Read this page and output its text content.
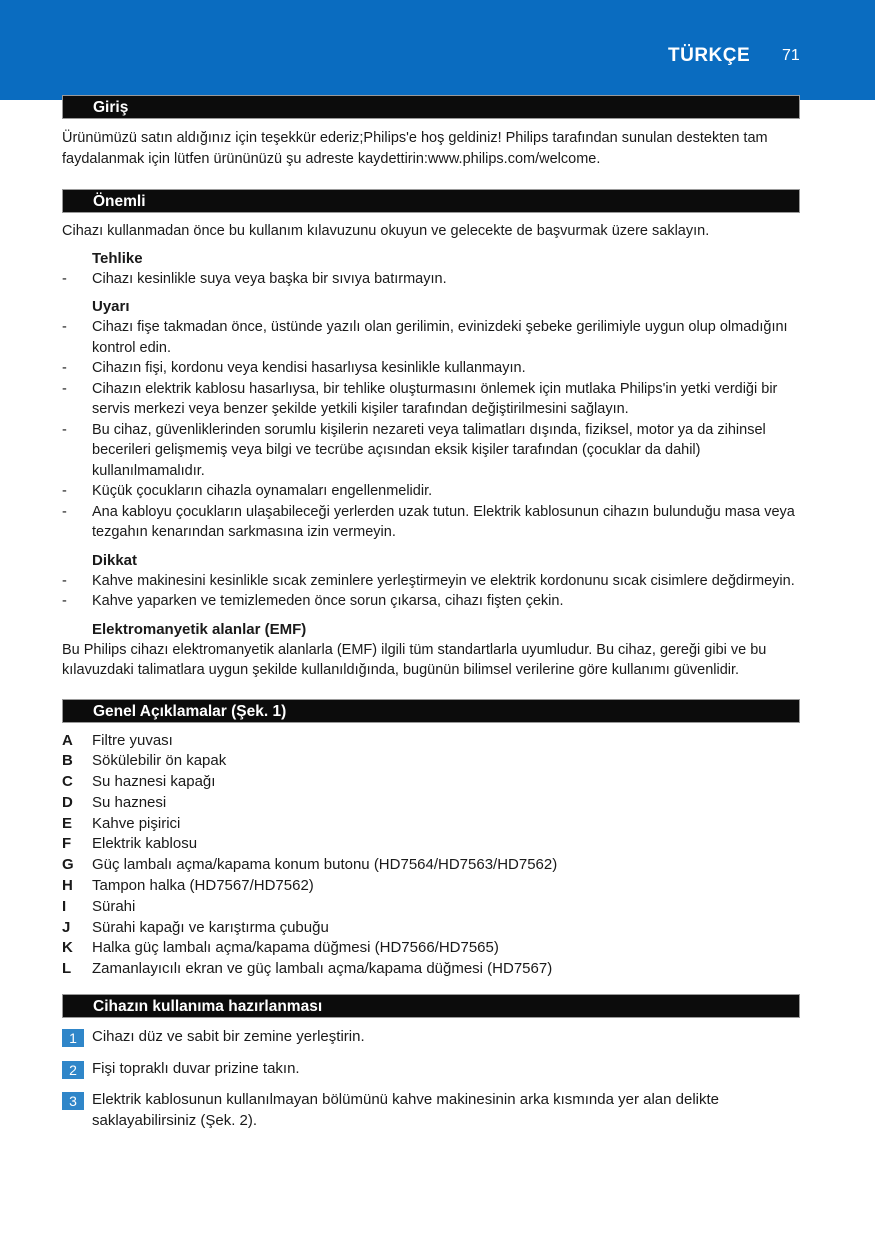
TÜRKÇE 71
Giriş

Ürünümüzü satın aldığınız için teşekkür ederiz;Philips'e hoş geldiniz! Philips tarafından sunulan destekten tam faydalanmak için lütfen ürününüzü şu adreste kaydettirin:www.philips.com/welcome.

Önemli

Cihazı kullanmadan önce bu kullanım kılavuzunu okuyun ve gelecekte de başvurmak üzere saklayın.

Tehlike
- Cihazı kesinlikle suya veya başka bir sıvıya batırmayın.
Uyarı
- Cihazı fişe takmadan önce, üstünde yazılı olan gerilimin, evinizdeki şebeke gerilimiyle uygun olup olmadığını kontrol edin.
- Cihazın fişi, kordonu veya kendisi hasarlıysa kesinlikle kullanmayın.
- Cihazın elektrik kablosu hasarlıysa, bir tehlike oluşturmasını önlemek için mutlaka Philips'in yetki verdiği bir servis merkezi veya benzer şekilde yetkili kişiler tarafından değiştirilmesini sağlayın.
- Bu cihaz, güvenliklerinden sorumlu kişilerin nezareti veya talimatları dışında, fiziksel, motor ya da zihinsel becerileri gelişmemiş veya bilgi ve tecrübe açısından eksik kişiler tarafından (çocuklar da dahil) kullanılmamalıdır.
- Küçük çocukların cihazla oynamaları engellenmelidir.
- Ana kabloyu çocukların ulaşabileceği yerlerden uzak tutun. Elektrik kablosunun cihazın bulunduğu masa veya tezgahın kenarından sarkmasına izin vermeyin.
Dikkat
- Kahve makinesini kesinlikle sıcak zeminlere yerleştirmeyin ve elektrik kordonunu sıcak cisimlere değdirmeyin.
- Kahve yaparken ve temizlemeden önce sorun çıkarsa, cihazı fişten çekin.
Elektromanyetik alanlar (EMF)

Bu Philips cihazı elektromanyetik alanlarla (EMF) ilgili tüm standartlarla uyumludur. Bu cihaz, gereği gibi ve bu kılavuzdaki talimatlara uygun şekilde kullanıldığında, bugünün bilimsel verilerine göre kullanımı güvenlidir.

Genel Açıklamalar (Şek. 1)
A	Filtre yuvası
B	Sökülebilir ön kapak
C	Su haznesi kapağı
D	Su haznesi
E	Kahve pişirici
F	Elektrik kablosu
G	Güç lambalı açma/kapama konum butonu (HD7564/HD7563/HD7562)
H	Tampon halka (HD7567/HD7562)
I	Sürahi
J	Sürahi kapağı ve karıştırma çubuğu
K	Halka güç lambalı açma/kapama düğmesi (HD7566/HD7565)
L	Zamanlayıcılı ekran ve güç lambalı açma/kapama düğmesi (HD7567)
Cihazın kullanıma hazırlanması
1	Cihazı düz ve sabit bir zemine yerleştirin.
2	Fişi topraklı duvar prizine takın.
3	Elektrik kablosunun kullanılmayan bölümünü kahve makinesinin arka kısmında yer alan delikte saklayabilirsiniz (Şek. 2).
